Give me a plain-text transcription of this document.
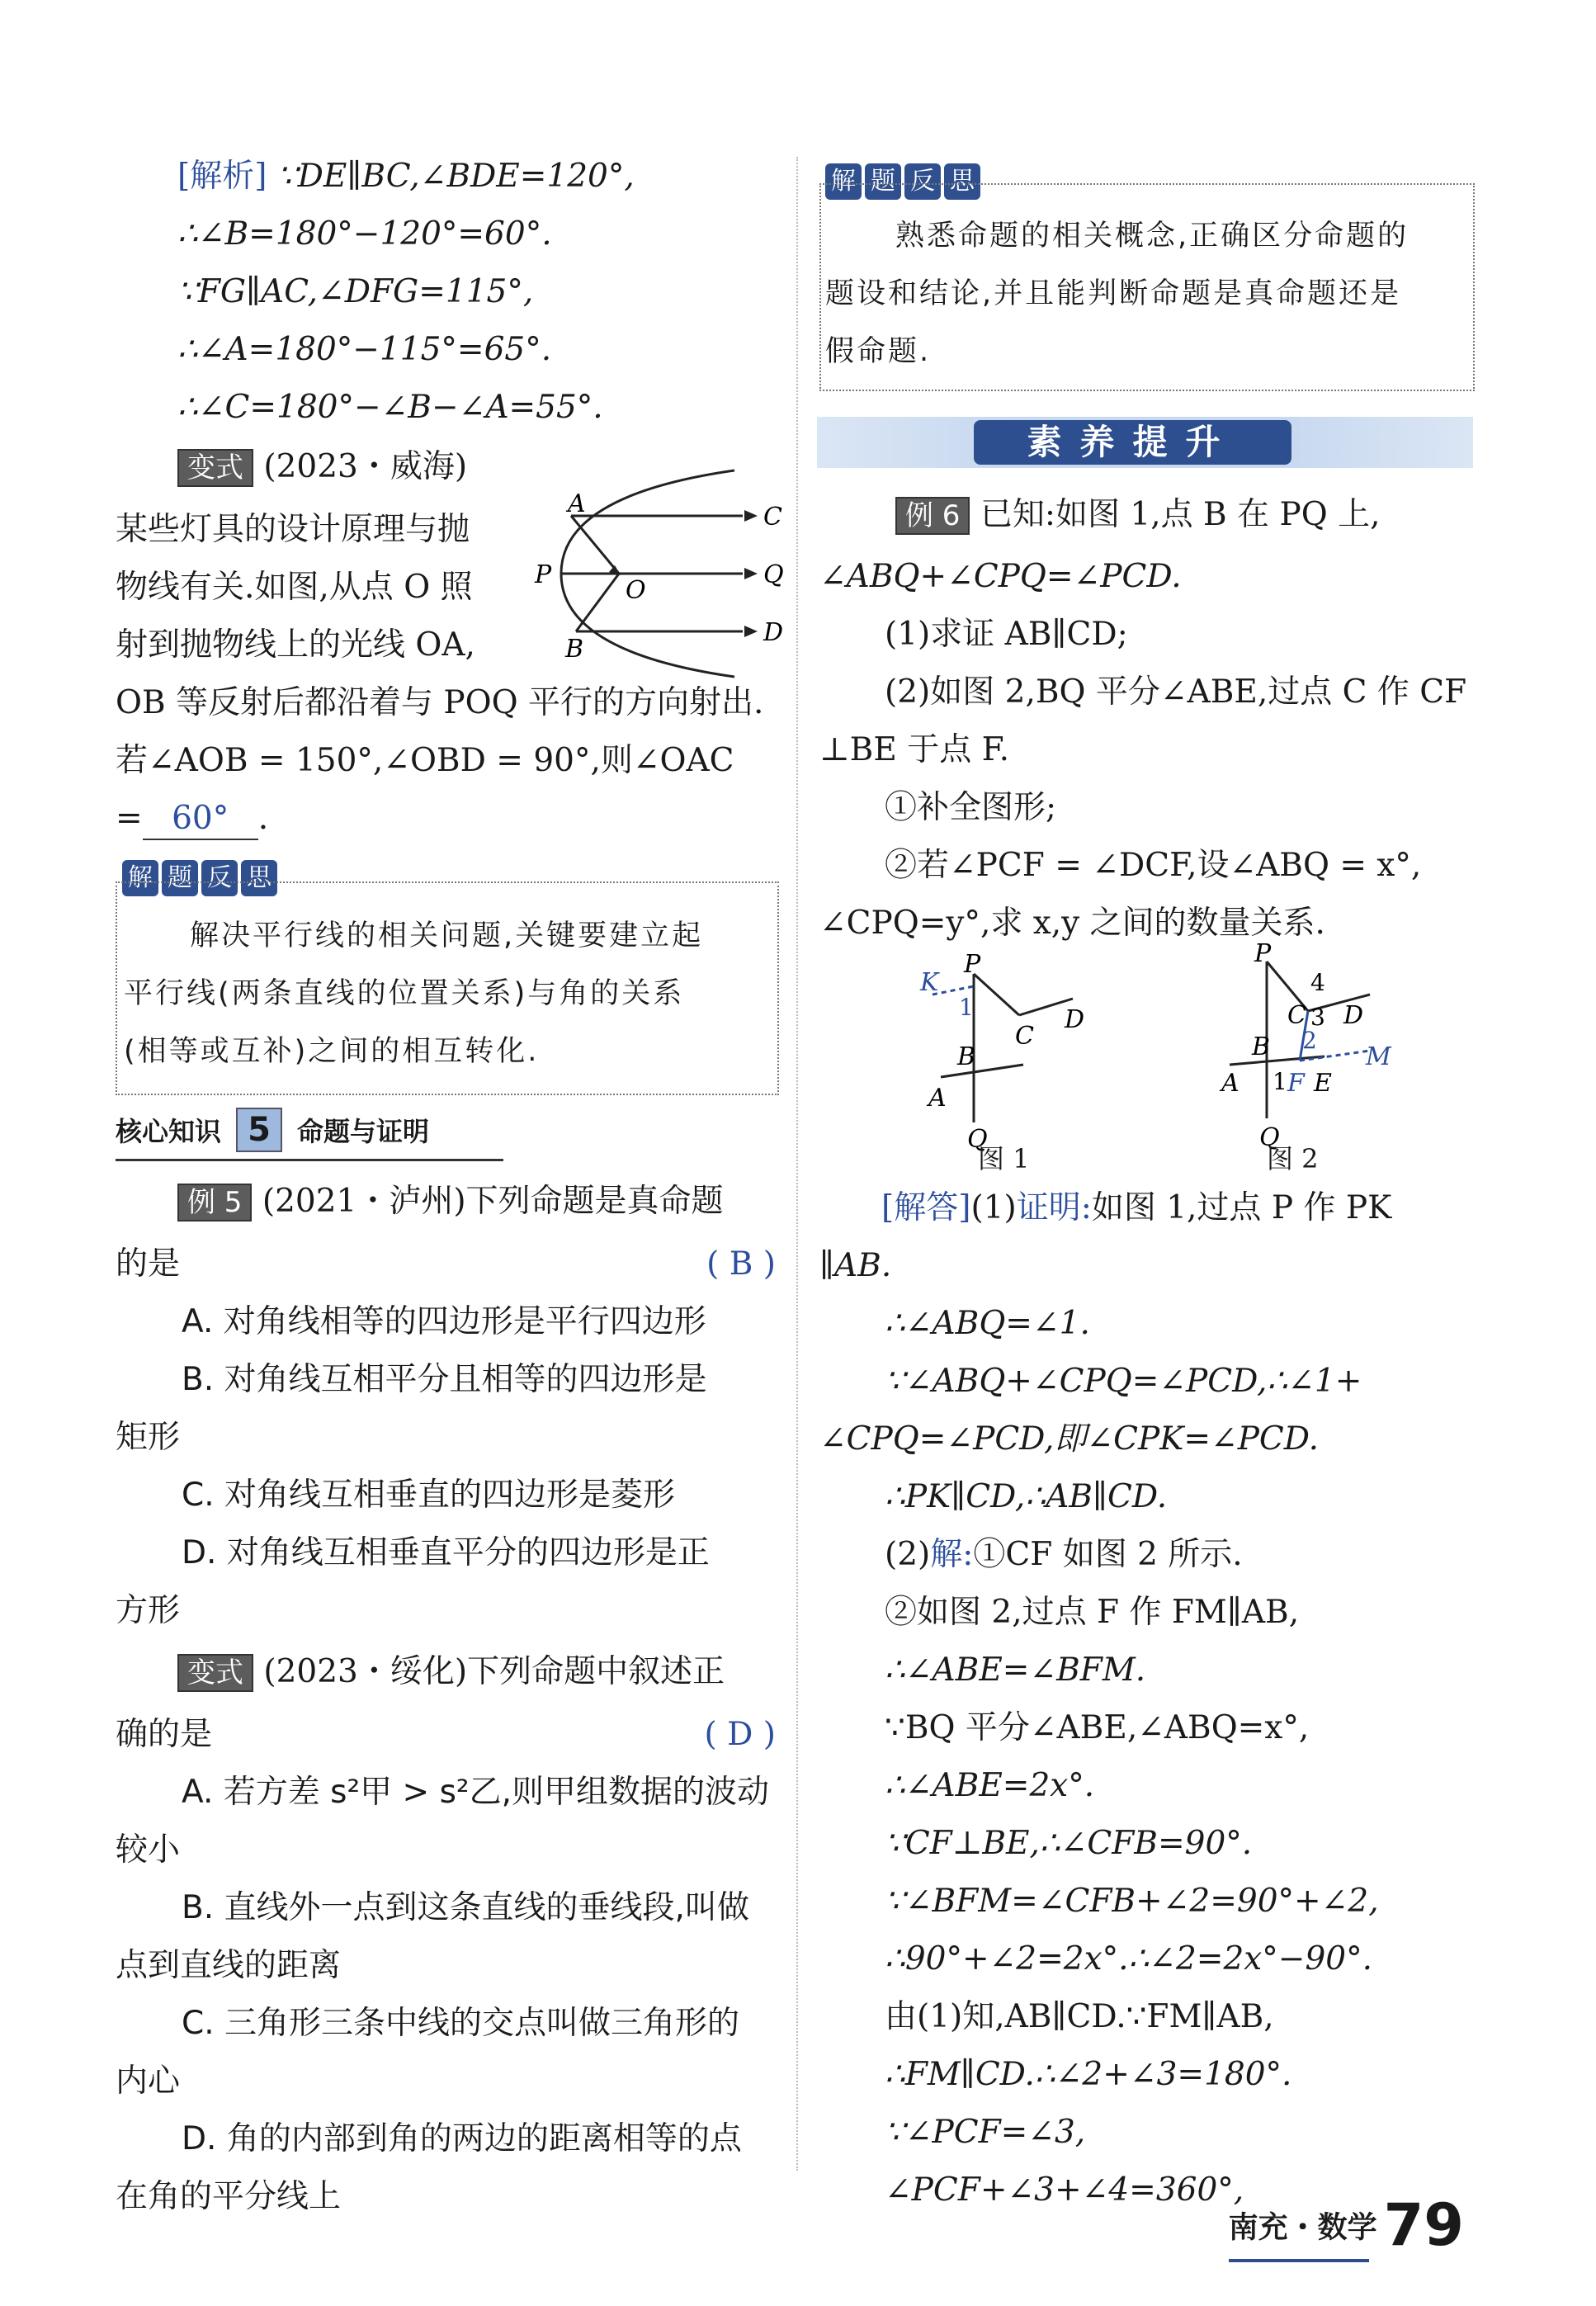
[解析] ∵DE∥BC,∠BDE=120°,
∴∠B=180°−120°=60°.
∵FG∥AC,∠DFG=115°,
∴∠A=180°−115°=65°.
∴∠C=180°−∠B−∠A=55°.
变式 (2023・威海)
某些灯具的设计原理与抛
物线有关.如图,从点 O 照
射到抛物线上的光线 OA,
OB 等反射后都沿着与 POQ 平行的方向射出.
若∠AOB = 150°,∠OBD = 90°,则∠OAC
= 60° .
A	C
P	Q
O
B
D
解 题 反 思
解决平行线的相关问题,关键要建立起
平行线(两条直线的位置关系)与角的关系
(相等或互补)之间的相互转化.
核心知识 5 命题与证明
例 5 (2021・泸州)下列命题是真命题
的是	( B )
A. 对角线相等的四边形是平行四边形
B. 对角线互相平分且相等的四边形是
矩形
C. 对角线互相垂直的四边形是菱形
D. 对角线互相垂直平分的四边形是正
方形
变式 (2023・绥化)下列命题中叙述正
确的是	( D )
A. 若方差 s²甲 > s²乙,则甲组数据的波动
较小
B. 直线外一点到这条直线的垂线段,叫做
点到直线的距离
C. 三角形三条中线的交点叫做三角形的
内心
D. 角的内部到角的两边的距离相等的点
在角的平分线上
解 题 反 思
熟悉命题的相关概念,正确区分命题的
题设和结论,并且能判断命题是真命题还是
假命题.
素养提升
例 6 已知:如图 1,点 B 在 PQ 上,
∠ABQ+∠CPQ=∠PCD.
(1)求证 AB∥CD;
(2)如图 2,BQ 平分∠ABE,过点 C 作 CF
⊥BE 于点 F.
①补全图形;
②若∠PCF = ∠DCF,设∠ABQ = x°,
∠CPQ=y°,求 x,y 之间的数量关系.
K
P
1
B
C
D
A
Q
图 1
P
4
C 3 D
2
B	M
A 1 F E
Q
图 2
[解答](1)证明:如图 1,过点 P 作 PK
∥AB.
∴∠ABQ=∠1.
∵∠ABQ+∠CPQ=∠PCD,∴∠1+
∠CPQ=∠PCD,即∠CPK=∠PCD.
∴PK∥CD,∴AB∥CD.
(2)解:①CF 如图 2 所示.
②如图 2,过点 F 作 FM∥AB,
∴∠ABE=∠BFM.
∵BQ 平分∠ABE,∠ABQ=x°,
∴∠ABE=2x°.
∵CF⊥BE,∴∠CFB=90°.
∵∠BFM=∠CFB+∠2=90°+∠2,
∴90°+∠2=2x°.∴∠2=2x°−90°.
由(1)知,AB∥CD.∵FM∥AB,
∴FM∥CD.∴∠2+∠3=180°.
∵∠PCF=∠3,
∠PCF+∠3+∠4=360°,
南充・数学 79
